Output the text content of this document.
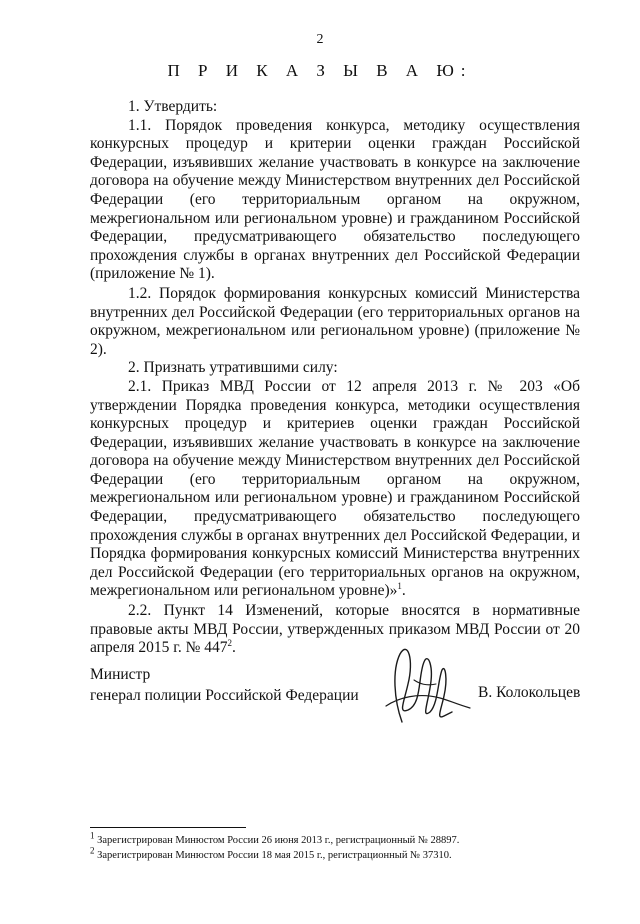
2
П Р И К А З Ы В А Ю:

1. Утвердить:

1.1. Порядок проведения конкурса, методику осуществления конкурсных процедур и критерии оценки граждан Российской Федерации, изъявивших желание участвовать в конкурсе на заключение договора на обучение между Министерством внутренних дел Российской Федерации (его территориальным органом на окружном, межрегиональном или региональном уровне) и гражданином Российской Федерации, предусматривающего обязательство последующего прохождения службы в органах внутренних дел Российской Федерации (приложение № 1).

1.2. Порядок формирования конкурсных комиссий Министерства внутренних дел Российской Федерации (его территориальных органов на окружном, межрегиональном или региональном уровне) (приложение № 2).

2. Признать утратившими силу:

2.1. Приказ МВД России от 12 апреля 2013 г. № 203 «Об утверждении Порядка проведения конкурса, методики осуществления конкурсных процедур и критериев оценки граждан Российской Федерации, изъявивших желание участвовать в конкурсе на заключение договора на обучение между Министерством внутренних дел Российской Федерации (его территориальным органом на окружном, межрегиональном или региональном уровне) и гражданином Российской Федерации, предусматривающего обязательство последующего прохождения службы в органах внутренних дел Российской Федерации, и Порядка формирования конкурсных комиссий Министерства внутренних дел Российской Федерации (его территориальных органов на окружном, межрегиональном или региональном уровне)»$^1$.

2.2. Пункт 14 Изменений, которые вносятся в нормативные правовые акты МВД России, утвержденных приказом МВД России от 20 апреля 2015 г. № $447^2$.

Министр
генерал полиции Российской Федерации	В. Колокольцев
$^1$ Зарегистрирован Минюстом России 26 июня 2013 г., регистрационный № 28897.
$^2$ Зарегистрирован Минюстом России 18 мая 2015 г., регистрационный № 37310.
